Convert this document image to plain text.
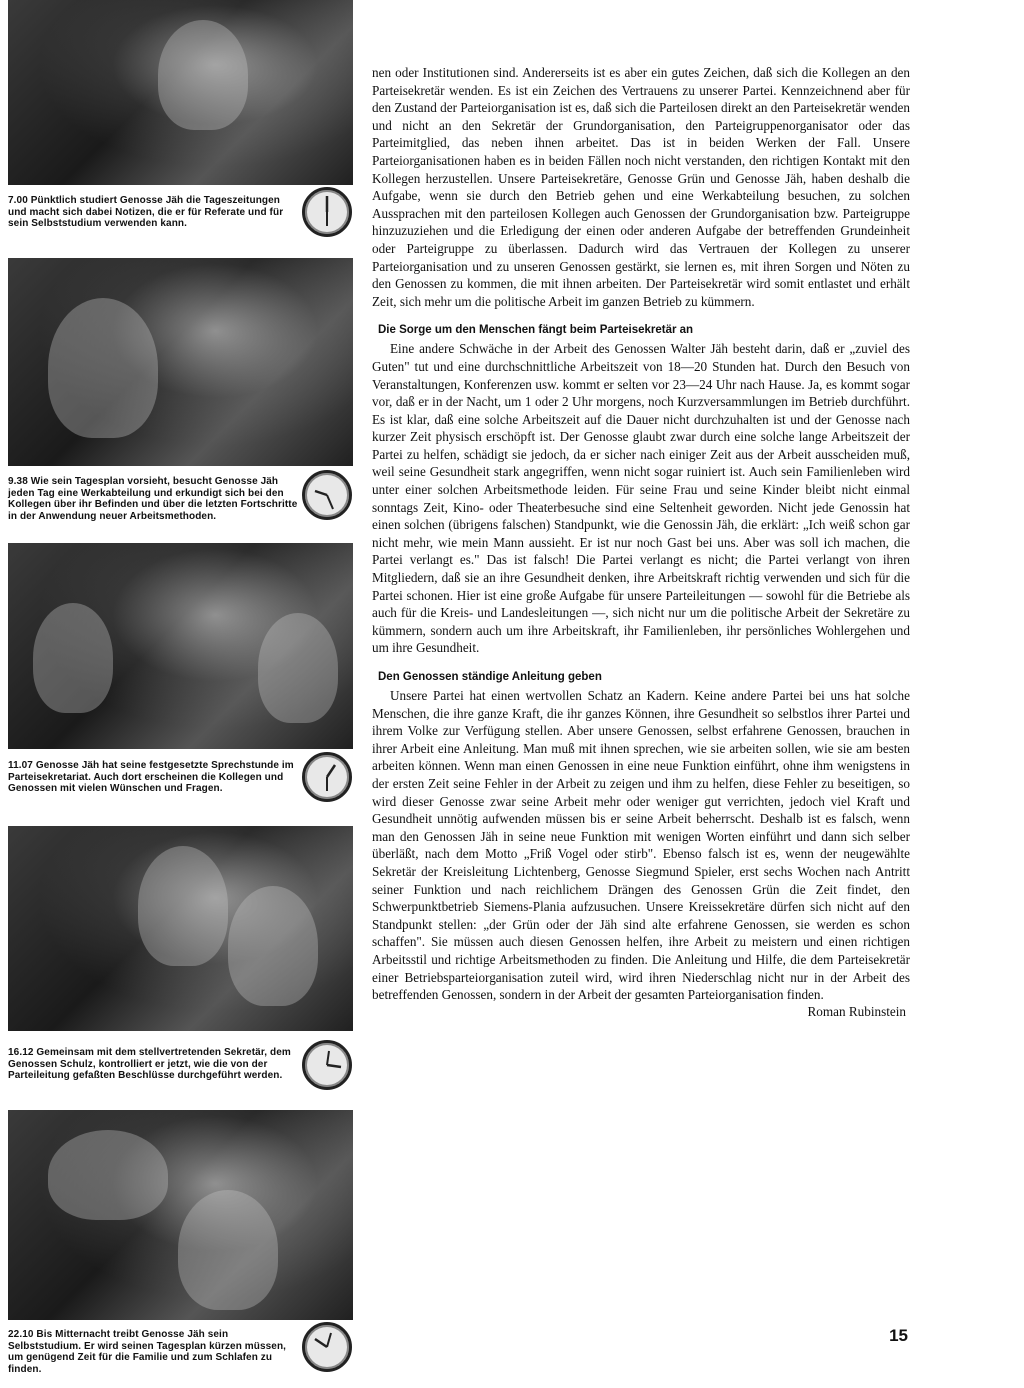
7.00 Pünktlich studiert Genosse Jäh die Tageszeitungen und macht sich dabei Notizen, die er für Referate und für sein Selbststudium verwenden kann.
9.38 Wie sein Tagesplan vorsieht, besucht Genosse Jäh jeden Tag eine Werkabteilung und erkundigt sich bei den Kollegen über ihr Befinden und über die letzten Fortschritte in der Anwendung neuer Arbeitsmethoden.
11.07 Genosse Jäh hat seine festgesetzte Sprechstunde im Parteisekretariat. Auch dort erscheinen die Kollegen und Genossen mit vielen Wünschen und Fragen.
16.12 Gemeinsam mit dem stellvertretenden Sekretär, dem Genossen Schulz, kontrolliert er jetzt, wie die von der Parteileitung gefaßten Beschlüsse durchgeführt werden.
22.10 Bis Mitternacht treibt Genosse Jäh sein Selbststudium. Er wird seinen Tagesplan kürzen müssen, um genügend Zeit für die Familie und zum Schlafen zu finden.

nen oder Institutionen sind. Andererseits ist es aber ein gutes Zeichen, daß sich die Kollegen an den Parteisekretär wenden. Es ist ein Zeichen des Vertrauens zu unserer Partei. Kennzeichnend aber für den Zustand der Parteiorganisation ist es, daß sich die Parteilosen direkt an den Parteisekretär wenden und nicht an den Sekretär der Grundorganisation, den Parteigruppenorganisator oder das Parteimitglied, das neben ihnen arbeitet. Das ist in beiden Werken der Fall. Unsere Parteiorganisationen haben es in beiden Fällen noch nicht verstanden, den richtigen Kontakt mit den Kollegen herzustellen. Unsere Parteisekretäre, Genosse Grün und Genosse Jäh, haben deshalb die Aufgabe, wenn sie durch den Betrieb gehen und eine Werkabteilung besuchen, zu solchen Aussprachen mit den parteilosen Kollegen auch Genossen der Grundorganisation bzw. Parteigruppe hinzuzuziehen und die Erledigung der einen oder anderen Aufgabe der betreffenden Grundeinheit oder Parteigruppe zu überlassen. Dadurch wird das Vertrauen der Kollegen zu unserer Parteiorganisation und zu unseren Genossen gestärkt, sie lernen es, mit ihren Sorgen und Nöten zu den Genossen zu kommen, die mit ihnen arbeiten. Der Parteisekretär wird somit entlastet und erhält Zeit, sich mehr um die politische Arbeit im ganzen Betrieb zu kümmern.

Die Sorge um den Menschen fängt beim Parteisekretär an

Eine andere Schwäche in der Arbeit des Genossen Walter Jäh besteht darin, daß er „zuviel des Guten" tut und eine durchschnittliche Arbeitszeit von 18—20 Stunden hat. Durch den Besuch von Veranstaltungen, Konferenzen usw. kommt er selten vor 23—24 Uhr nach Hause. Ja, es kommt sogar vor, daß er in der Nacht, um 1 oder 2 Uhr morgens, noch Kurzversammlungen im Betrieb durchführt. Es ist klar, daß eine solche Arbeitszeit auf die Dauer nicht durchzuhalten ist und der Genosse nach kurzer Zeit physisch erschöpft ist. Der Genosse glaubt zwar durch eine solche lange Arbeitszeit der Partei zu helfen, schädigt sie jedoch, da er sicher nach einiger Zeit aus der Arbeit ausscheiden muß, weil seine Gesundheit stark angegriffen, wenn nicht sogar ruiniert ist. Auch sein Familienleben wird unter einer solchen Arbeitsmethode leiden. Für seine Frau und seine Kinder bleibt nicht einmal sonntags Zeit, Kino- oder Theaterbesuche sind eine Seltenheit geworden. Nicht jede Genossin hat einen solchen (übrigens falschen) Standpunkt, wie die Genossin Jäh, die erklärt: „Ich weiß schon gar nicht mehr, wie mein Mann aussieht. Er ist nur noch Gast bei uns. Aber was soll ich machen, die Partei verlangt es." Das ist falsch! Die Partei verlangt es nicht; die Partei verlangt von ihren Mitgliedern, daß sie an ihre Gesundheit denken, ihre Arbeitskraft richtig verwenden und sich für die Partei schonen. Hier ist eine große Aufgabe für unsere Parteileitungen — sowohl für die Betriebe als auch für die Kreis- und Landesleitungen —, sich nicht nur um die politische Arbeit der Sekretäre zu kümmern, sondern auch um ihre Arbeitskraft, ihr Familienleben, ihr persönliches Wohlergehen und um ihre Gesundheit.

Den Genossen ständige Anleitung geben

Unsere Partei hat einen wertvollen Schatz an Kadern. Keine andere Partei bei uns hat solche Menschen, die ihre ganze Kraft, die ihr ganzes Können, ihre Gesundheit so selbstlos ihrer Partei und ihrem Volke zur Verfügung stellen. Aber unsere Genossen, selbst erfahrene Genossen, brauchen in ihrer Arbeit eine Anleitung. Man muß mit ihnen sprechen, wie sie arbeiten sollen, wie sie am besten arbeiten können. Wenn man einen Genossen in eine neue Funktion einführt, ohne ihm wenigstens in der ersten Zeit seine Fehler in der Arbeit zu zeigen und ihm zu helfen, diese Fehler zu beseitigen, so wird dieser Genosse zwar seine Arbeit mehr oder weniger gut verrichten, jedoch viel Kraft und Gesundheit unnötig aufwenden müssen bis er seine Arbeit beherrscht. Deshalb ist es falsch, wenn man den Genossen Jäh in seine neue Funktion mit wenigen Worten einführt und dann sich selber überläßt, nach dem Motto „Friß Vogel oder stirb". Ebenso falsch ist es, wenn der neugewählte Sekretär der Kreisleitung Lichtenberg, Genosse Siegmund Spieler, erst sechs Wochen nach Antritt seiner Funktion und nach reichlichem Drängen des Genossen Grün die Zeit findet, den Schwerpunktbetrieb Siemens-Plania aufzusuchen. Unsere Kreissekretäre dürfen sich nicht auf den Standpunkt stellen: „der Grün oder der Jäh sind alte erfahrene Genossen, sie werden es schon schaffen". Sie müssen auch diesen Genossen helfen, ihre Arbeit zu meistern und einen richtigen Arbeitsstil und richtige Arbeitsmethoden zu finden. Die Anleitung und Hilfe, die dem Parteisekretär einer Betriebsparteiorganisation zuteil wird, wird ihren Niederschlag nicht nur in der Arbeit des betreffenden Genossen, sondern in der Arbeit der gesamten Parteiorganisation finden.

Roman Rubinstein

15
